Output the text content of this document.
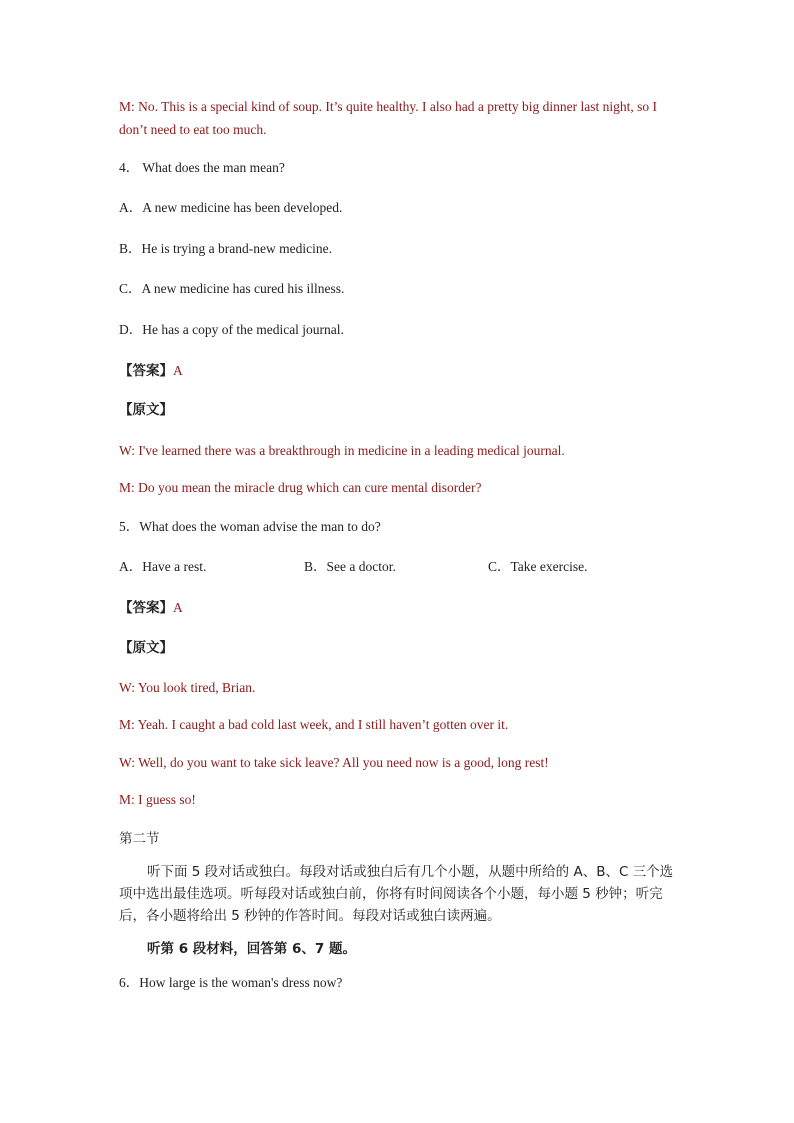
M: No. This is a special kind of soup. It’s quite healthy. I also had a pretty big dinner last night, so I don’t need to eat too much.
4． What does the man mean?
A．A new medicine has been developed.
B．He is trying a brand-new medicine.
C．A new medicine has cured his illness.
D．He has a copy of the medical journal.
【答案】A
【原文】
W: I've learned there was a breakthrough in medicine in a leading medical journal.
M: Do you mean the miracle drug which can cure mental disorder?
5．What does the woman advise the man to do?
A．Have a rest.	B．See a doctor.	C．Take exercise.
【答案】A
【原文】
W: You look tired, Brian.
M: Yeah. I caught a bad cold last week, and I still haven’t gotten over it.
W: Well, do you want to take sick leave? All you need now is a good, long rest!
M: I guess so!
第二节
听下面 5 段对话或独白。每段对话或独白后有几个小题，从题中所给的 A、B、C 三个选项中选出最佳选项。听每段对话或独白前，你将有时间阅读各个小题，每小题 5 秒钟；听完后，各小题将给出 5 秒钟的作答时间。每段对话或独白读两遍。
听第 6 段材料，回答第 6、7 题。
6．How large is the woman's dress now?
